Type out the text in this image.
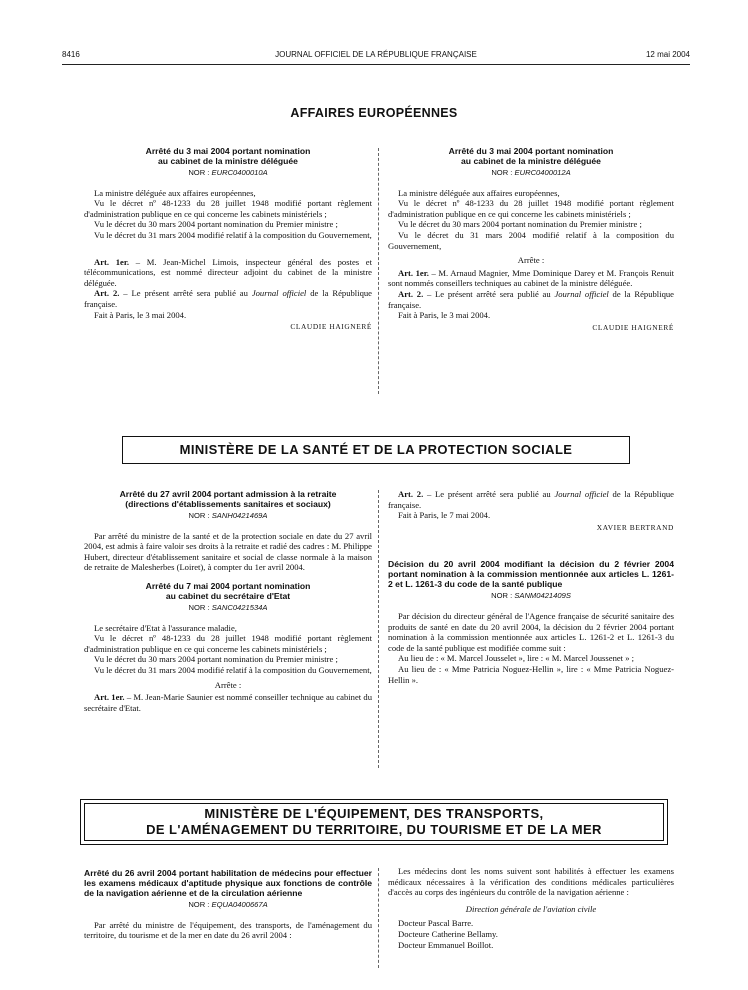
8416	JOURNAL OFFICIEL DE LA RÉPUBLIQUE FRANÇAISE	12 mai 2004
AFFAIRES EUROPÉENNES
Arrêté du 3 mai 2004 portant nomination
au cabinet de la ministre déléguée
NOR : EURC0400010A

La ministre déléguée aux affaires européennes,

Vu le décret nº 48-1233 du 28 juillet 1948 modifié portant règlement d'administration publique en ce qui concerne les cabinets ministériels ;

Vu le décret du 30 mars 2004 portant nomination du Premier ministre ;

Vu le décret du 31 mars 2004 modifié relatif à la composition du Gouvernement,

Art. 1er. – M. Jean-Michel Limois, inspecteur général des postes et télécommunications, est nommé directeur adjoint du cabinet de la ministre déléguée.

Art. 2. – Le présent arrêté sera publié au Journal officiel de la République française.

Fait à Paris, le 3 mai 2004.

CLAUDIE HAIGNERÉ

Arrêté du 3 mai 2004 portant nomination
au cabinet de la ministre déléguée
NOR : EURC0400012A

La ministre déléguée aux affaires européennes,

Vu le décret nº 48-1233 du 28 juillet 1948 modifié portant règlement d'administration publique en ce qui concerne les cabinets ministériels ;

Vu le décret du 30 mars 2004 portant nomination du Premier ministre ;

Vu le décret du 31 mars 2004 modifié relatif à la composition du Gouvernement,

Arrête :

Art. 1er. – M. Arnaud Magnier, Mme Dominique Darey et M. François Renuit sont nommés conseillers techniques au cabinet de la ministre déléguée.

Art. 2. – Le présent arrêté sera publié au Journal officiel de la République française.

Fait à Paris, le 3 mai 2004.

CLAUDIE HAIGNERÉ

MINISTÈRE DE LA SANTÉ ET DE LA PROTECTION SOCIALE
Arrêté du 27 avril 2004 portant admission à la retraite
(directions d'établissements sanitaires et sociaux)
NOR : SANH0421469A

Par arrêté du ministre de la santé et de la protection sociale en date du 27 avril 2004, est admis à faire valoir ses droits à la retraite et radié des cadres : M. Philippe Hubert, directeur d'établissement sanitaire et social de classe normale à la maison de retraite de Malesherbes (Loiret), à compter du 1er avril 2004.

Arrêté du 7 mai 2004 portant nomination
au cabinet du secrétaire d'Etat
NOR : SANC0421534A

Le secrétaire d'Etat à l'assurance maladie,

Vu le décret nº 48-1233 du 28 juillet 1948 modifié portant règlement d'administration publique en ce qui concerne les cabinets ministériels ;

Vu le décret du 30 mars 2004 portant nomination du Premier ministre ;

Vu le décret du 31 mars 2004 modifié relatif à la composition du Gouvernement,

Arrête :

Art. 1er. – M. Jean-Marie Saunier est nommé conseiller technique au cabinet du secrétaire d'Etat.

Art. 2. – Le présent arrêté sera publié au Journal officiel de la République française.

Fait à Paris, le 7 mai 2004.

XAVIER BERTRAND

Décision du 20 avril 2004 modifiant la décision du 2 février 2004 portant nomination à la commission mentionnée aux articles L. 1261-2 et L. 1261-3 du code de la santé publique
NOR : SANM0421409S

Par décision du directeur général de l'Agence française de sécurité sanitaire des produits de santé en date du 20 avril 2004, la décision du 2 février 2004 portant nomination à la commission mentionnée aux articles L. 1261-2 et L. 1261-3 du code de la santé publique est modifiée comme suit :

Au lieu de : « M. Marcel Jousselet », lire : « M. Marcel Joussenet » ;

Au lieu de : « Mme Patricia Noguez-Hellin », lire : « Mme Patricia Noguez-Hellin ».

MINISTÈRE DE L'ÉQUIPEMENT, DES TRANSPORTS,
DE L'AMÉNAGEMENT DU TERRITOIRE, DU TOURISME ET DE LA MER
Arrêté du 26 avril 2004 portant habilitation de médecins pour effectuer les examens médicaux d'aptitude physique aux fonctions de contrôle de la navigation aérienne et de la circulation aérienne
NOR : EQUA0400667A

Par arrêté du ministre de l'équipement, des transports, de l'aménagement du territoire, du tourisme et de la mer en date du 26 avril 2004 :

Les médecins dont les noms suivent sont habilités à effectuer les examens médicaux nécessaires à la vérification des conditions médicales particulières d'accès au corps des ingénieurs du contrôle de la navigation aérienne :

Direction générale de l'aviation civile

Docteur Pascal Barre.

Docteure Catherine Bellamy.

Docteur Emmanuel Boillot.
